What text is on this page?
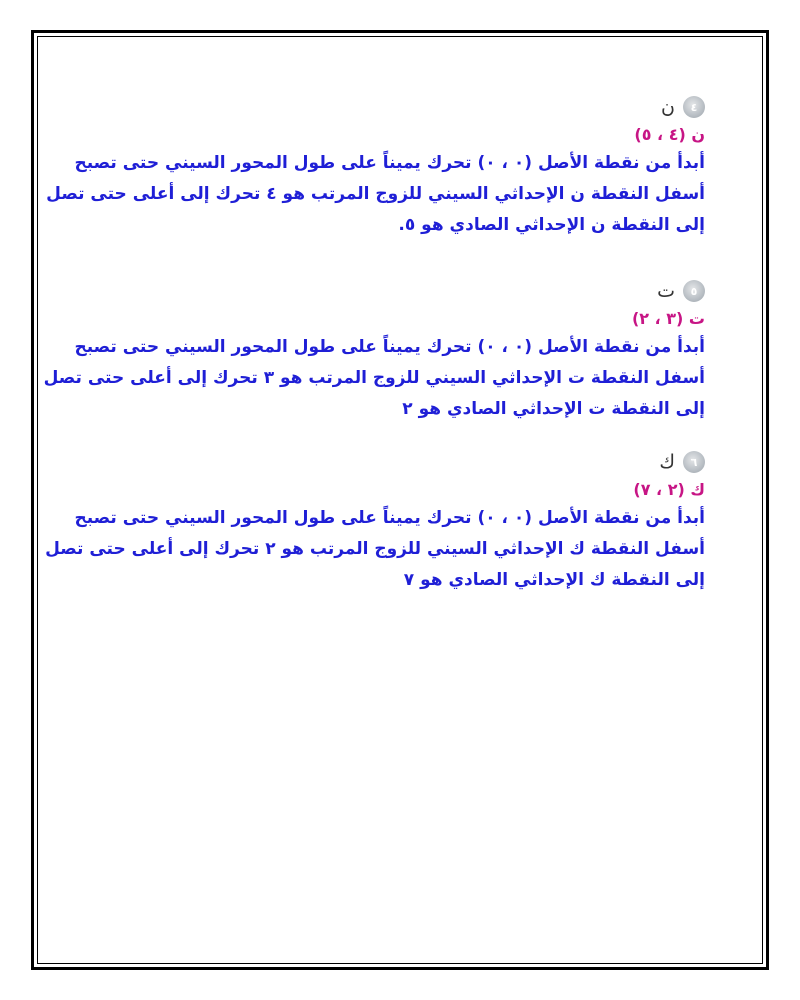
٤
ن
ن (٤ ، ٥)
أبدأ من نقطة الأصل (٠ ، ٠) تحرك يميناً على طول المحور السيني حتى تصبح
أسفل النقطة ن الإحداثي السيني للزوج المرتب هو ٤ تحرك إلى أعلى حتى تصل
إلى النقطة ن الإحداثي الصادي هو ٥.
٥
ت
ت (٣ ، ٢)
أبدأ من نقطة الأصل (٠ ، ٠) تحرك يميناً على طول المحور السيني حتى تصبح
أسفل النقطة ت الإحداثي السيني للزوج المرتب هو ٣ تحرك إلى أعلى حتى تصل
إلى النقطة ت الإحداثي الصادي هو ٢
٦
ك
ك (٢ ، ٧)
أبدأ من نقطة الأصل (٠ ، ٠) تحرك يميناً على طول المحور السيني حتى تصبح
أسفل النقطة ك الإحداثي السيني للزوج المرتب هو ٢ تحرك إلى أعلى حتى تصل
إلى النقطة ك الإحداثي الصادي هو ٧
